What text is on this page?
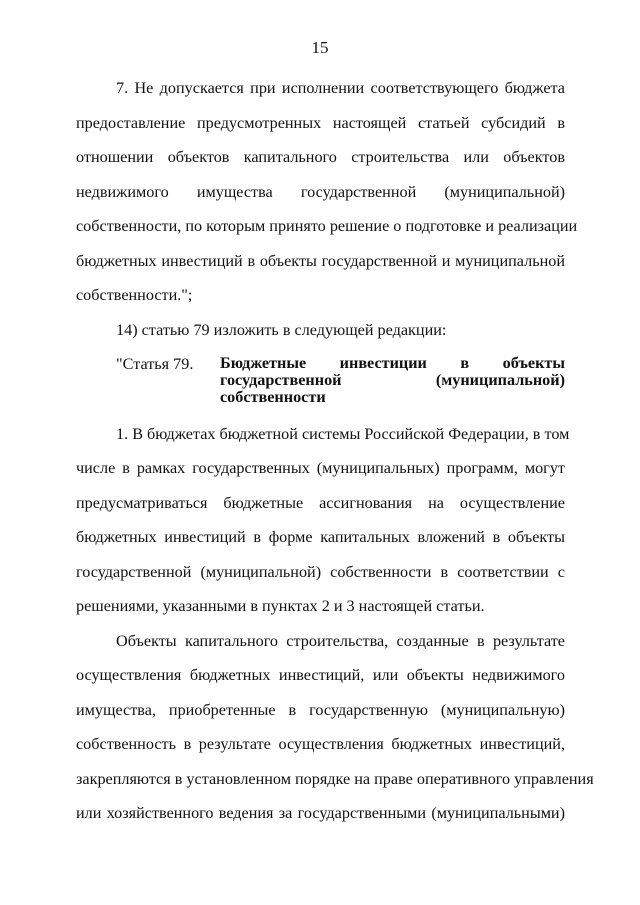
15
7. Не допускается при исполнении соответствующего бюджета
предоставление предусмотренных настоящей статьей субсидий в
отношении объектов капитального строительства или объектов
недвижимого имущества государственной (муниципальной)
собственности, по которым принято решение о подготовке и реализации
бюджетных инвестиций в объекты государственной и муниципальной
собственности.";
14) статью 79 изложить в следующей редакции:
"Статья 79. Бюджетные инвестиции в объекты
государственной (муниципальной)
собственности
1. В бюджетах бюджетной системы Российской Федерации, в том
числе в рамках государственных (муниципальных) программ, могут
предусматриваться бюджетные ассигнования на осуществление
бюджетных инвестиций в форме капитальных вложений в объекты
государственной (муниципальной) собственности в соответствии с
решениями, указанными в пунктах 2 и 3 настоящей статьи.
Объекты капитального строительства, созданные в результате
осуществления бюджетных инвестиций, или объекты недвижимого
имущества, приобретенные в государственную (муниципальную)
собственность в результате осуществления бюджетных инвестиций,
закрепляются в установленном порядке на праве оперативного управления
или хозяйственного ведения за государственными (муниципальными)
